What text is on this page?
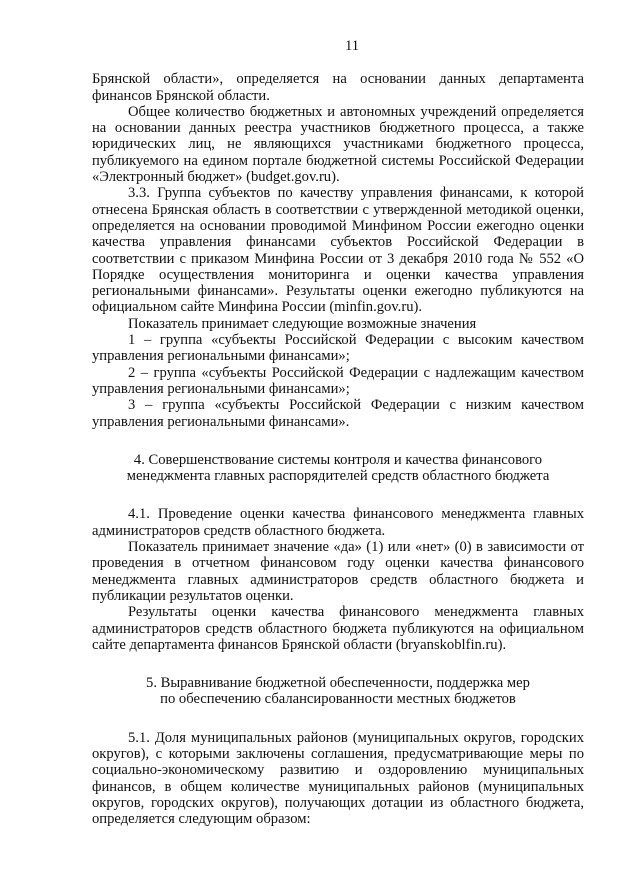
11

Брянской области», определяется на основании данных департамента финансов Брянской области.

Общее количество бюджетных и автономных учреждений определяется на основании данных реестра участников бюджетного процесса, а также юридических лиц, не являющихся участниками бюджетного процесса, публикуемого на едином портале бюджетной системы Российской Федерации «Электронный бюджет» (budget.gov.ru).

3.3. Группа субъектов по качеству управления финансами, к которой отнесена Брянская область в соответствии с утвержденной методикой оценки, определяется на основании проводимой Минфином России ежегодно оценки качества управления финансами субъектов Российской Федерации в соответствии с приказом Минфина России от 3 декабря 2010 года № 552 «О Порядке осуществления мониторинга и оценки качества управления региональными финансами». Результаты оценки ежегодно публикуются на официальном сайте Минфина России (minfin.gov.ru).

Показатель принимает следующие возможные значения

1 – группа «субъекты Российской Федерации с высоким качеством управления региональными финансами»;

2 – группа «субъекты Российской Федерации с надлежащим качеством управления региональными финансами»;

3 – группа «субъекты Российской Федерации с низким качеством управления региональными финансами».

4. Совершенствование системы контроля и качества финансового

менеджмента главных распорядителей средств областного бюджета

4.1. Проведение оценки качества финансового менеджмента главных администраторов средств областного бюджета.

Показатель принимает значение «да» (1) или «нет» (0) в зависимости от проведения в отчетном финансовом году оценки качества финансового менеджмента главных администраторов средств областного бюджета и публикации результатов оценки.

Результаты оценки качества финансового менеджмента главных администраторов средств областного бюджета публикуются на официальном сайте департамента финансов Брянской области (bryanskoblfin.ru).

5. Выравнивание бюджетной обеспеченности, поддержка мер

по обеспечению сбалансированности местных бюджетов

5.1. Доля муниципальных районов (муниципальных округов, городских округов), с которыми заключены соглашения, предусматривающие меры по социально-экономическому развитию и оздоровлению муниципальных финансов, в общем количестве муниципальных районов (муниципальных округов, городских округов), получающих дотации из областного бюджета, определяется следующим образом:
